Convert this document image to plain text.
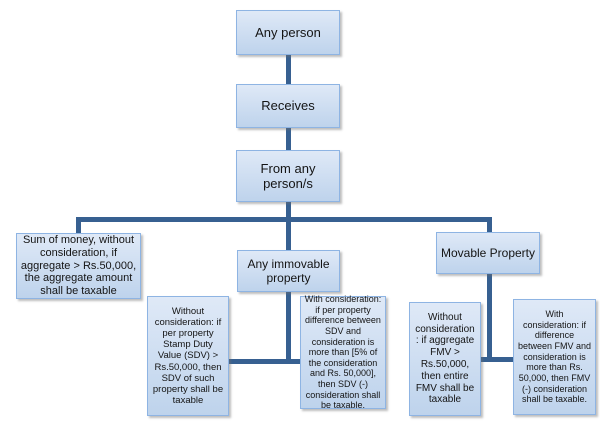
Any person
Receives
From any person/s
Sum of money, without consideration, if aggregate > Rs.50,000, the aggregate amount shall be taxable
Any immovable property
Movable Property
Without consideration: if per property Stamp Duty Value (SDV) > Rs.50,000, then SDV of such property shall be taxable
With consideration: if per property difference between SDV and consideration is more than [5% of the consideration and Rs. 50,000], then SDV (-) consideration shall be taxable.
Without consideration : if aggregate FMV > Rs.50,000, then entire FMV shall be taxable
With consideration: if difference between FMV and consideration is more than Rs. 50,000, then FMV (-) consideration shall be taxable.
